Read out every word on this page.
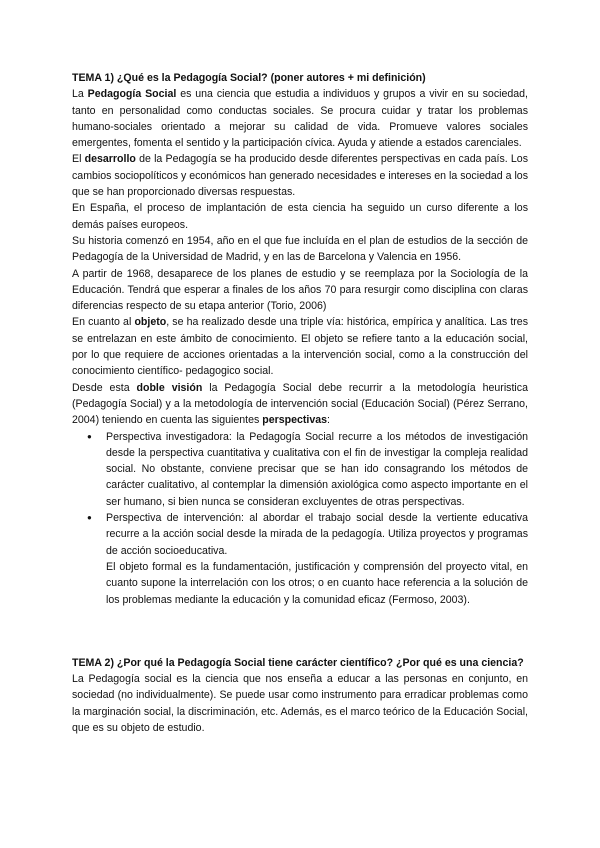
TEMA 1) ¿Qué es la Pedagogía Social? (poner autores + mi definición)

La Pedagogía Social es una ciencia que estudia a individuos y grupos a vivir en su sociedad, tanto en personalidad como conductas sociales. Se procura cuidar y tratar los problemas humano-sociales orientado a mejorar su calidad de vida. Promueve valores sociales emergentes, fomenta el sentido y la participación cívica. Ayuda y atiende a estados carenciales.

El desarrollo de la Pedagogía se ha producido desde diferentes perspectivas en cada país. Los cambios sociopolíticos y económicos han generado necesidades e intereses en la sociedad a los que se han proporcionado diversas respuestas.

En España, el proceso de implantación de esta ciencia ha seguido un curso diferente a los demás países europeos.

Su historia comenzó en 1954, año en el que fue incluída en el plan de estudios de la sección de Pedagogía de la Universidad de Madrid, y en las de Barcelona y Valencia en 1956.

A partir de 1968, desaparece de los planes de estudio y se reemplaza por la Sociología de la Educación. Tendrá que esperar a finales de los años 70 para resurgir como disciplina con claras diferencias respecto de su etapa anterior (Torio, 2006)

En cuanto al objeto, se ha realizado desde una triple vía: histórica, empírica y analítica. Las tres se entrelazan en este ámbito de conocimiento. El objeto se refiere tanto a la educación social, por lo que requiere de acciones orientadas a la intervención social, como a la construcción del conocimiento científico- pedagogico social.

Desde esta doble visión la Pedagogía Social debe recurrir a la metodología heuristica (Pedagogía Social) y a la metodología de intervención social (Educación Social) (Pérez Serrano, 2004) teniendo en cuenta las siguientes perspectivas:

● Perspectiva investigadora: la Pedagogía Social recurre a los métodos de investigación desde la perspectiva cuantitativa y cualitativa con el fin de investigar la compleja realidad social. No obstante, conviene precisar que se han ido consagrando los métodos de carácter cualitativo, al contemplar la dimensión axiológica como aspecto importante en el ser humano, si bien nunca se consideran excluyentes de otras perspectivas.
● Perspectiva de intervención: al abordar el trabajo social desde la vertiente educativa recurre a la acción social desde la mirada de la pedagogía. Utiliza proyectos y programas de acción socioeducativa.

El objeto formal es la fundamentación, justificación y comprensión del proyecto vital, en cuanto supone la interrelación con los otros; o en cuanto hace referencia a la solución de los problemas mediante la educación y la comunidad eficaz (Fermoso, 2003).

TEMA 2) ¿Por qué la Pedagogía Social tiene carácter científico? ¿Por qué es una ciencia?

La Pedagogía social es la ciencia que nos enseña a educar a las personas en conjunto, en sociedad (no individualmente). Se puede usar como instrumento para erradicar problemas como la marginación social, la discriminación, etc. Además, es el marco teórico de la Educación Social, que es su objeto de estudio.
